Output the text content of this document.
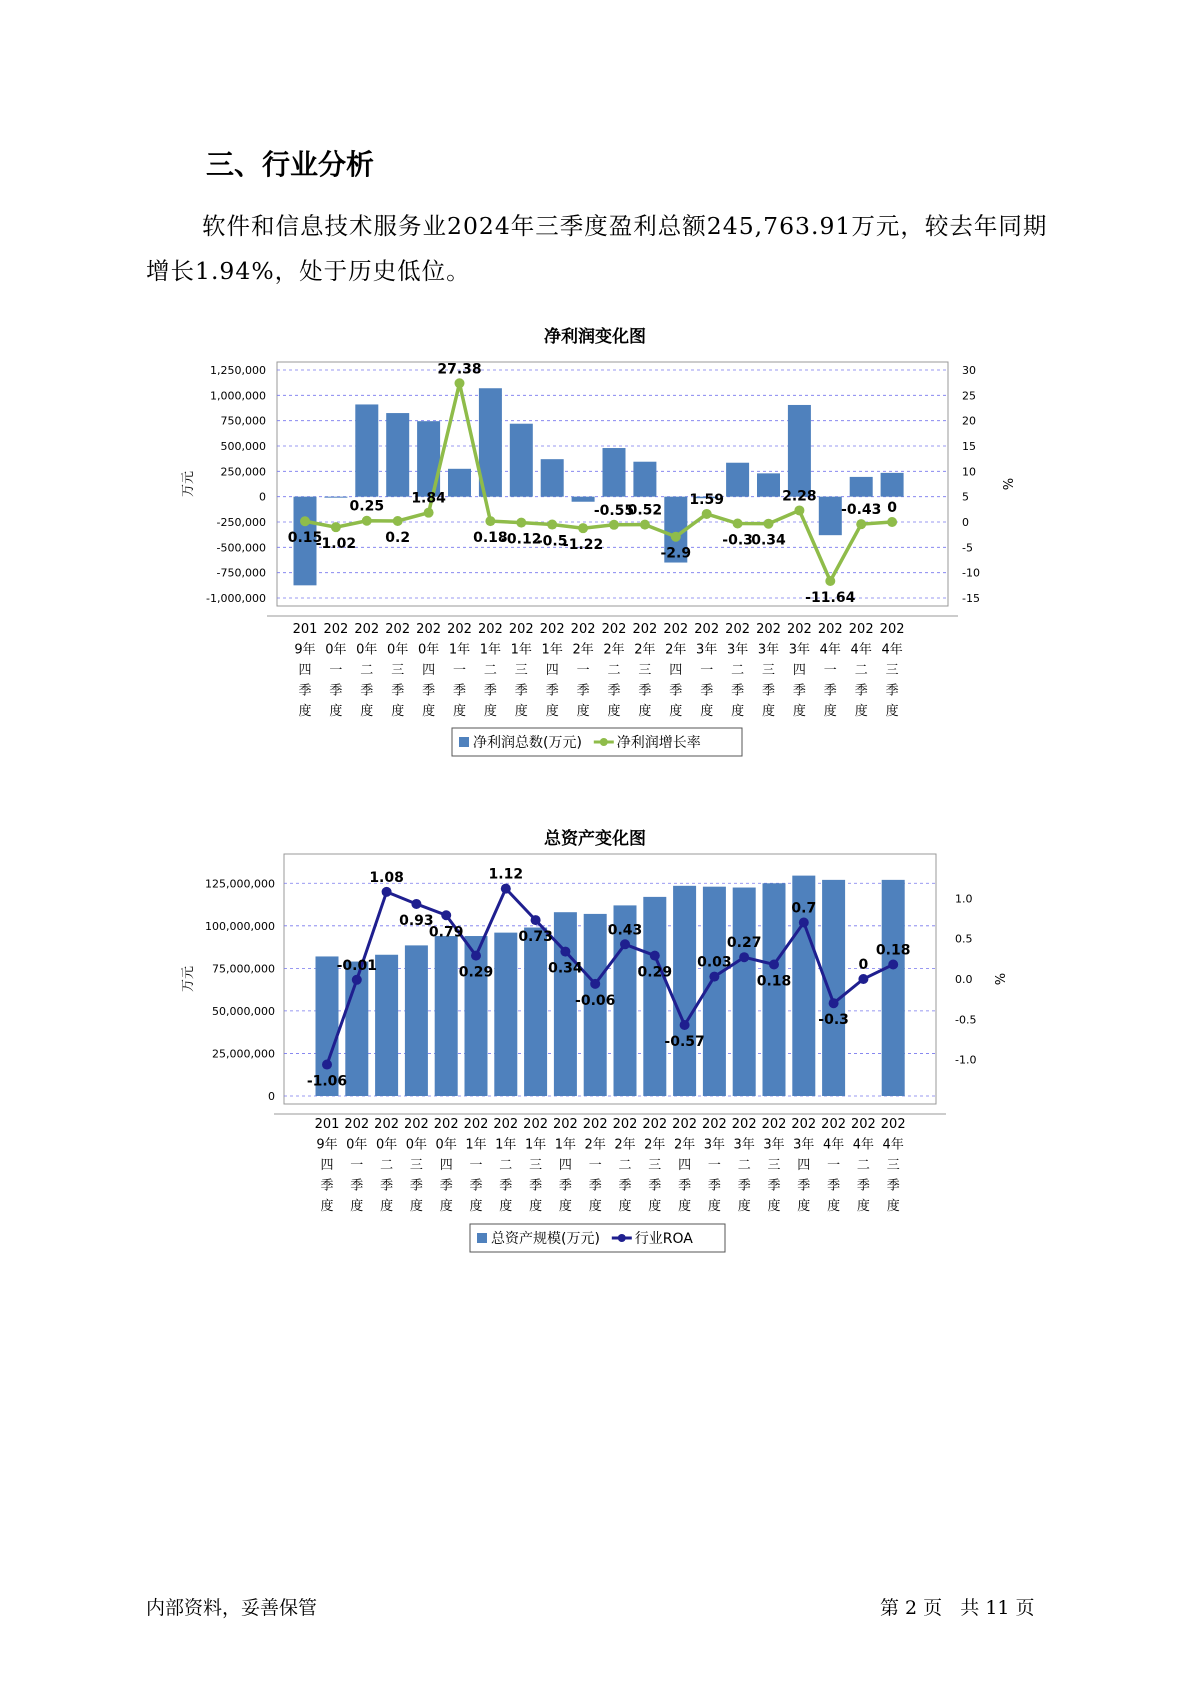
三、行业分析
软件和信息技术服务业2024年三季度盈利总额245,763.91万元，较去年同期增长1.94%，处于历史低位。
净利润变化图
1,250,000
1,000,000
750,000
500,000
250,000
0
-250,000
-500,000
-750,000
-1,000,000
30
25
20
15
10
5
0
-5
-10
-15
万元	%
0.15
-1.02
0.25
0.2
1.84
27.38
0.18
-0.12
-0.5
-1.22
-0.55
0.52
-2.9
1.59
-0.3
0.34
2.28
-11.64
-0.43 0
201
9年
四
季
度
202
0年
一
季
度
202
0年
二
季
度
202
0年
三
季
度
202
0年
四
季
度
202
1年
一
季
度
202
1年
二
季
度
202
1年
三
季
度
202
1年
四
季
度
202
2年
一
季
度
202
2年
二
季
度
202
2年
三
季
度
202
2年
四
季
度
202
3年
一
季
度
202
3年
二
季
度
202
3年
三
季
度
202
3年
四
季
度
202
4年
一
季
度
202
4年
二
季
度
202
4年
三
季
度
净利润总数(万元) 净利润增长率
总资产变化图
125,000,000
100,000,000
75,000,000
50,000,000
25,000,000
0
1.0
0.5
0.0
-0.5
-1.0
万元	%
-1.06
-0.01
1.08
0.93
0.79
0.29
1.12
0.73
0.34
-0.06
0.43
0.29
-0.57
0.03
0.27
0.18
0.7
-0.3
0
0.18
201
9年
四
季
度
202
0年
一
季
度
202
0年
二
季
度
202
0年
三
季
度
202
0年
四
季
度
202
1年
一
季
度
202
1年
二
季
度
202
1年
三
季
度
202
1年
四
季
度
202
2年
一
季
度
202
2年
二
季
度
202
2年
三
季
度
202
2年
四
季
度
202
3年
一
季
度
202
3年
二
季
度
202
3年
三
季
度
202
3年
四
季
度
202
4年
一
季
度
202
4年
二
季
度
202
4年
三
季
度
总资产规模(万元) 行业ROA
内部资料，妥善保管	第 2 页   共 11 页
